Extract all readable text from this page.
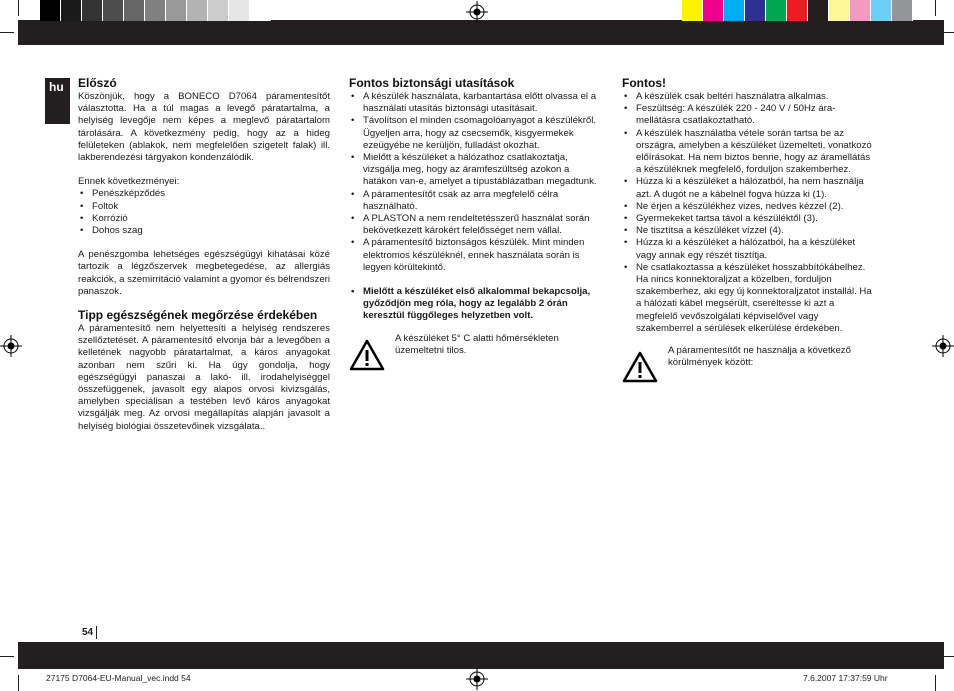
hu Előszó

Köszönjük, hogy a BONECO D7064 páramentesítőt választotta. Ha a túl magas a levegő páratartalma, a helyiség levegője nem képes a meglevő páratartalom tárolására. A következmény pedig, hogy az a hideg felületeken (ablakok, nem megfelelően szigetelt falak) ill. lakberendezési tárgyakon kondenzálódik.

Ennek következményei:

• Penészképződés
• Foltok
• Korrózió
• Dohos szag

A penészgomba lehetséges egészségügyi kihatásai közé tartozik a légzőszervek megbetegedése, az allergiás reakciók, a szemirritáció valamint a gyomor és bélrendszeri panaszok.

Tipp egészségének megőrzése érdekében

A páramentesítő nem helyettesíti a helyiség rendszeres szellőztetését. A páramentesítő elvonja bár a levegőben a kelletének nagyobb páratartalmat, a káros anyagokat azonban nem szűri ki. Ha úgy gondolja, hogy egészségügyi panaszai a lakó- ill. irodahelyiséggel összefüggenek, javasolt egy alapos orvosi kivizsgálás, amelyben speciálisan a testében levő káros anyagokat vizsgálják meg. Az orvosi megállapítás alapján javasolt a helyiség biológiai összetevőinek vizsgálata..

Fontos biztonsági utasítások
• A készülék használata, karbantartása előtt olvassa el a használati utasítás biztonsági utasításait.
• Távolítson el minden csomagolóanyagot a készülékről. Ügyeljen arra, hogy az csecsemők, kisgyermekek ezeügyébe ne kerüljön, fulladást okozhat.
• Mielőtt a készüléket a hálózathoz csatlakoztatja, vizsgálja meg, hogy az áramfeszültség azokon a hatákon van-e, amelyet a típustáblázatban megadtunk.
• A páramentesítőt csak az arra megfelelő célra használható.
• A PLASTON a nem rendeltetésszerű használat során bekövetkezett károkért felelősséget nem vállal.
• A páramentesítő biztonságos készülék. Mint minden elektromos készüléknél, ennek használata során is legyen körültekintő.
• Mielőtt a készüléket első alkalommal bekapcsolja, győződjön meg róla, hogy az legalább 2 órán keresztül függőleges helyzetben volt.
A készüléket 5° C alatti hőmérsékleten üzemeltetni tilos.
Fontos!
• A készülék csak beltéri használatra alkalmas.
• Feszültség: A készülék 220 - 240 V / 50Hz ára-mellátásra csatlakoztatható.
• A készülék használatba vétele során tartsa be az országra, amelyben a készüléket üzemelteti, vonatkozó előírásokat. Ha nem biztos benne, hogy az áramellátás a készüléknek megfelelő, forduljon szakemberhez.
• Húzza ki a készüléket a hálózatból, ha nem használja azt. A dugót ne a kábelnél fogva húzza ki (1).
• Ne érjen a készülékhez vizes, nedves kézzel (2).
• Gyermekeket tartsa távol a készüléktől (3).
• Ne tisztítsa a készüléket vízzel (4).
• Húzza ki a készüléket a hálózatból, ha a készüléket vagy annak egy részét tisztítja.
• Ne csatlakoztassa a készüléket hosszabbítókábelhez. Ha nincs konnektoraljzat a közelben, forduljon szakemberhez, aki egy új konnektoraljzatot installál. Ha a hálózati kábel megsérült, cseréltesse ki azt a megfelelő vevőszolgálati képviselővel vagy szakemberrel a sérülések elkerülése érdekében.
A páramentesítőt ne használja a következő körülmények között:
54
27175 D7064-EU-Manual_vec.indd 54	7.6.2007 17:37:59 Uhr
